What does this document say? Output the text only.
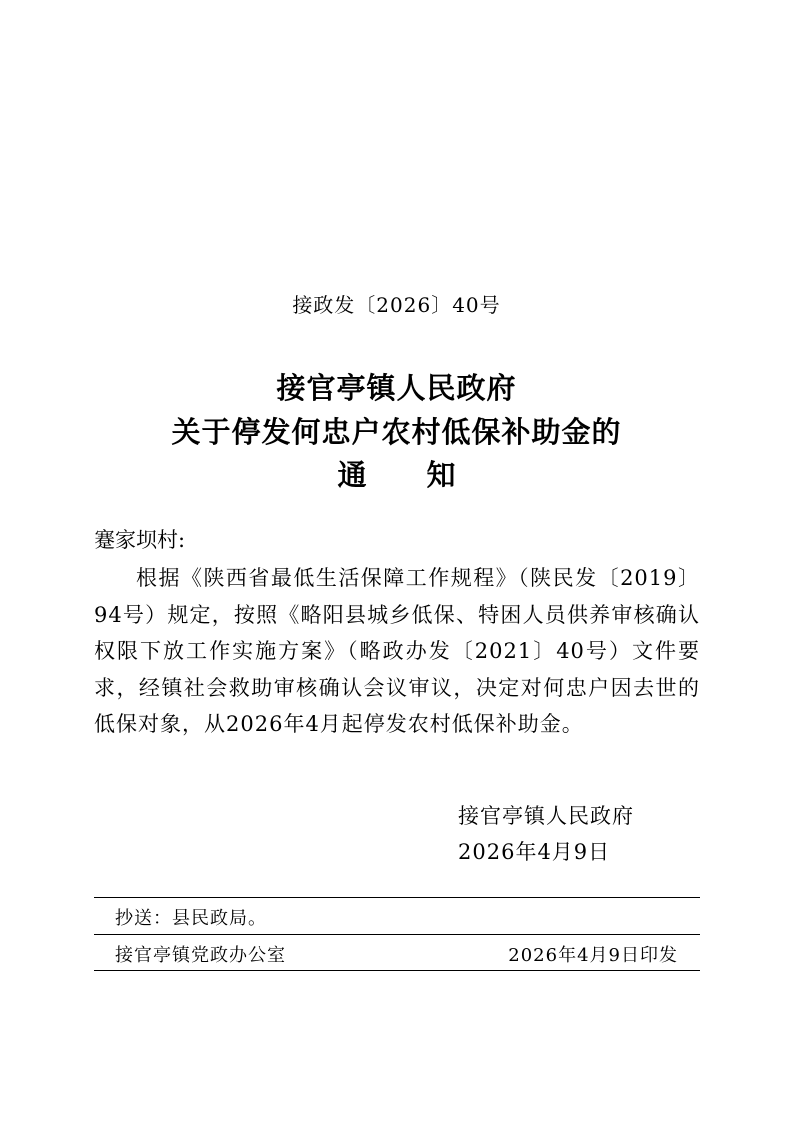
接政发〔2026〕40号
接官亭镇人民政府
关于停发何忠户农村低保补助金的
通知
蹇家坝村:

根据《陕西省最低生活保障工作规程》（陕民发〔2019〕94号）规定，按照《略阳县城乡低保、特困人员供养审核确认权限下放工作实施方案》（略政办发〔2021〕40号）文件要求，经镇社会救助审核确认会议审议，决定对何忠户因去世的低保对象，从2026年4月起停发农村低保补助金。

接官亭镇人民政府
2026年4月9日
抄送：县民政局。
接官亭镇党政办公室	2026年4月9日印发
